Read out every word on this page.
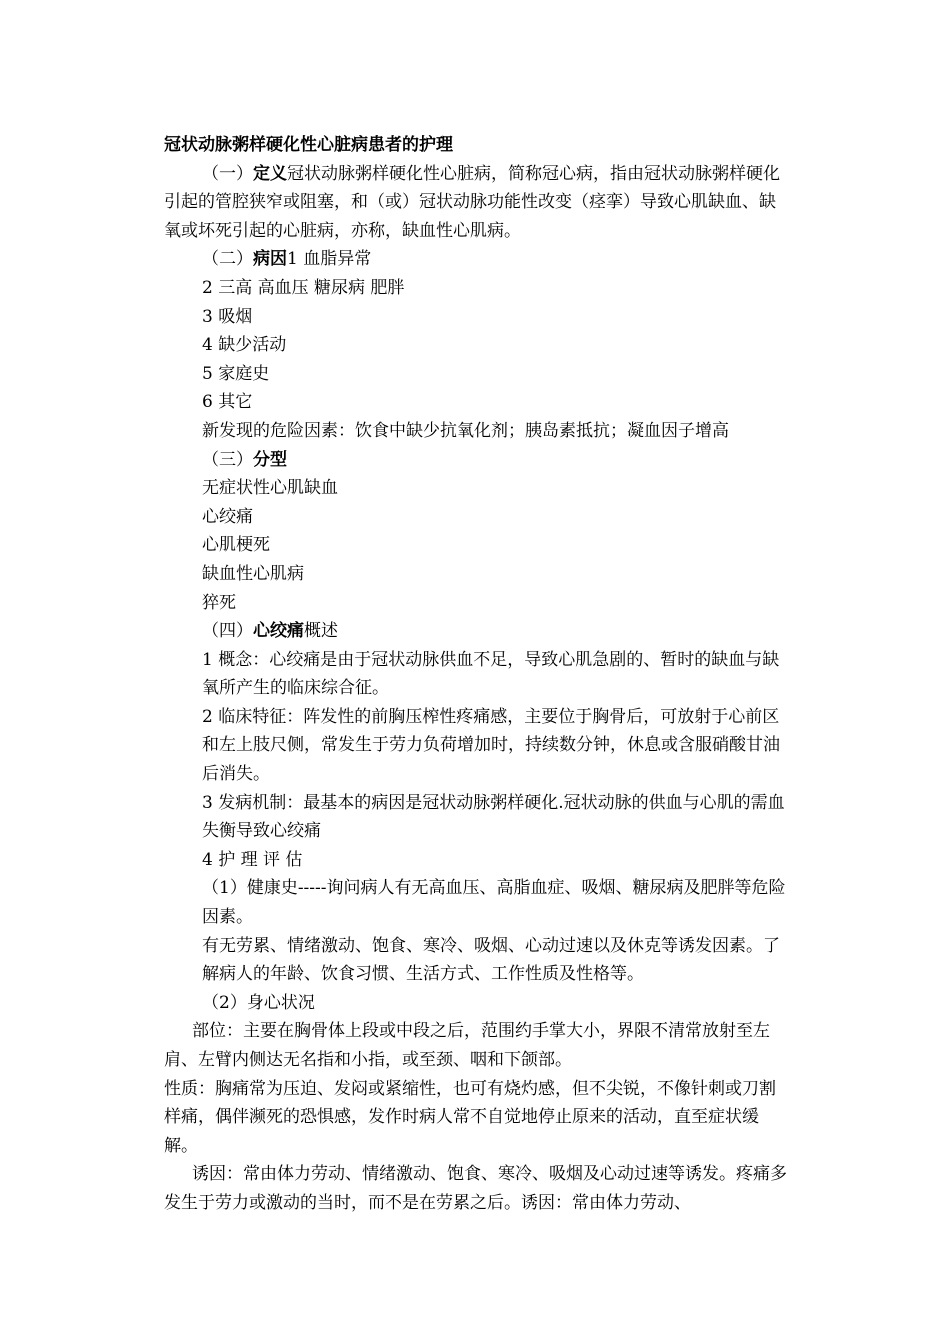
冠状动脉粥样硬化性心脏病患者的护理

（一）定义冠状动脉粥样硬化性心脏病，简称冠心病，指由冠状动脉粥样硬化引起的管腔狭窄或阻塞，和（或）冠状动脉功能性改变（痉挛）导致心肌缺血、缺氧或坏死引起的心脏病，亦称，缺血性心肌病。

（二）病因1 血脂异常

2 三高 高血压 糖尿病 肥胖

3 吸烟

4 缺少活动

5 家庭史

6 其它

新发现的危险因素：饮食中缺少抗氧化剂；胰岛素抵抗；凝血因子增高

（三）分型

无症状性心肌缺血

心绞痛

心肌梗死

缺血性心肌病

猝死

（四）心绞痛概述

1 概念：心绞痛是由于冠状动脉供血不足，导致心肌急剧的、暂时的缺血与缺氧所产生的临床综合征。

2 临床特征：阵发性的前胸压榨性疼痛感，主要位于胸骨后，可放射于心前区和左上肢尺侧，常发生于劳力负荷增加时，持续数分钟，休息或含服硝酸甘油后消失。

3 发病机制：最基本的病因是冠状动脉粥样硬化.冠状动脉的供血与心肌的需血失衡导致心绞痛

4 护 理 评 估

（1）健康史-----询问病人有无高血压、高脂血症、吸烟、糖尿病及肥胖等危险因素。

有无劳累、情绪激动、饱食、寒冷、吸烟、心动过速以及休克等诱发因素。了解病人的年龄、饮食习惯、生活方式、工作性质及性格等。

（2）身心状况

部位：主要在胸骨体上段或中段之后，范围约手掌大小，界限不清常放射至左肩、左臂内侧达无名指和小指，或至颈、咽和下颌部。

性质：胸痛常为压迫、发闷或紧缩性，也可有烧灼感，但不尖锐，不像针刺或刀割样痛，偶伴濒死的恐惧感，发作时病人常不自觉地停止原来的活动，直至症状缓解。

诱因：常由体力劳动、情绪激动、饱食、寒冷、吸烟及心动过速等诱发。疼痛多发生于劳力或激动的当时，而不是在劳累之后。诱因：常由体力劳动、
